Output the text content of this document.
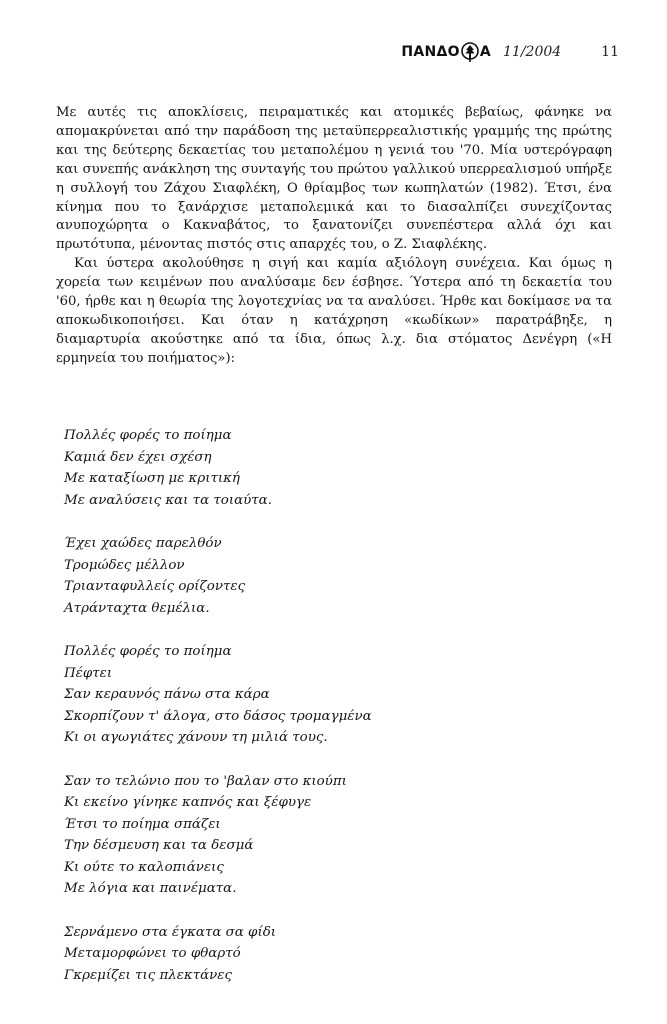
ΠΑΝΔΟ Α 11/2004	11

Με αυτές τις αποκλίσεις, πειραματικές και ατομικές βεβαίως, φάνηκε να απομακρύνεται από την παράδοση της μεταϋπερρεαλιστικής γραμμής της πρώτης και της δεύτερης δεκαετίας του μεταπολέμου η γενιά του '70. Μία υστερόγραφη και συνεπής ανάκληση της συνταγής του πρώτου γαλλικού υπερρεαλισμού υπήρξε η συλλογή του Ζάχου Σιαφλέκη, Ο θρίαμβος των κωπηλατών (1982). Έτσι, ένα κίνημα που το ξανάρχισε μεταπολεμικά και το διασαλπίζει συνεχίζοντας ανυποχώρητα ο Κακναβάτος, το ξανατονίζει συνεπέστερα αλλά όχι και πρωτότυπα, μένοντας πιστός στις απαρχές του, ο Ζ. Σιαφλέκης.

Και ύστερα ακολούθησε η σιγή και καμία αξιόλογη συνέχεια. Και όμως η χορεία των κειμένων που αναλύσαμε δεν έσβησε. Ύστερα από τη δεκαετία του '60, ήρθε και η θεωρία της λογοτεχνίας να τα αναλύσει. Ήρθε και δοκίμασε να τα αποκωδικοποιήσει. Και όταν η κατάχρηση «κωδίκων» παρατράβηξε, η διαμαρτυρία ακούστηκε από τα ίδια, όπως λ.χ. δια στόματος Δενέγρη («Η ερμηνεία του ποιήματος»):

Πολλές φορές το ποίημα
Καμιά δεν έχει σχέση
Με καταξίωση με κριτική
Με αναλύσεις και τα τοιαύτα.
Έχει χαώδες παρελθόν
Τρομώδες μέλλον
Τριανταφυλλείς ορίζοντες
Ατράνταχτα θεμέλια.
Πολλές φορές το ποίημα
Πέφτει
Σαν κεραυνός πάνω στα κάρα
Σκορπίζουν τ' άλογα, στο δάσος τρομαγμένα
Κι οι αγωγιάτες χάνουν τη μιλιά τους.
Σαν το τελώνιο που το 'βαλαν στο κιούπι
Κι εκείνο γίνηκε καπνός και ξέφυγε
Έτσι το ποίημα σπάζει
Την δέσμευση και τα δεσμά
Κι ούτε το καλοπιάνεις
Με λόγια και παινέματα.
Σερνάμενο στα έγκατα σα φίδι
Μεταμορφώνει το φθαρτό
Γκρεμίζει τις πλεκτάνες
